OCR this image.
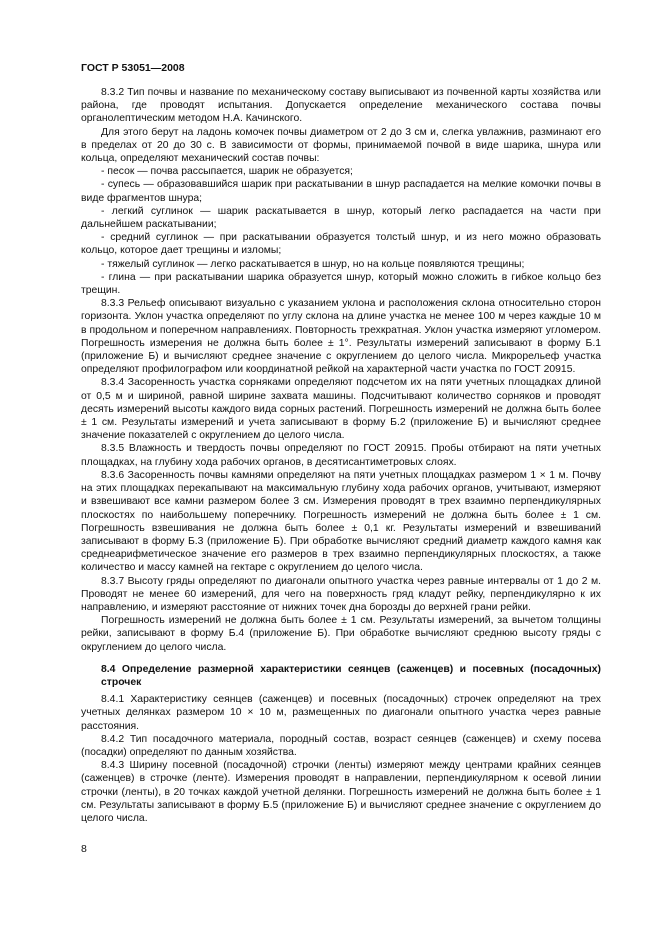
ГОСТ Р 53051—2008

8.3.2 Тип почвы и название по механическому составу выписывают из почвенной карты хозяйства или района, где проводят испытания. Допускается определение механического состава почвы органолептическим методом Н.А. Качинского.

Для этого берут на ладонь комочек почвы диаметром от 2 до 3 см и, слегка увлажнив, разминают его в пределах от 20 до 30 с. В зависимости от формы, принимаемой почвой в виде шарика, шнура или кольца, определяют механический состав почвы:

- песок — почва рассыпается, шарик не образуется;

- супесь — образовавшийся шарик при раскатывании в шнур распадается на мелкие комочки почвы в виде фрагментов шнура;

- легкий суглинок — шарик раскатывается в шнур, который легко распадается на части при дальнейшем раскатывании;

- средний суглинок — при раскатывании образуется толстый шнур, и из него можно образовать кольцо, которое дает трещины и изломы;

- тяжелый суглинок — легко раскатывается в шнур, но на кольце появляются трещины;

- глина — при раскатывании шарика образуется шнур, который можно сложить в гибкое кольцо без трещин.

8.3.3 Рельеф описывают визуально с указанием уклона и расположения склона относительно сторон горизонта. Уклон участка определяют по углу склона на длине участка не менее 100 м через каждые 10 м в продольном и поперечном направлениях. Повторность трехкратная. Уклон участка измеряют угломером. Погрешность измерения не должна быть более ± 1°. Результаты измерений записывают в форму Б.1 (приложение Б) и вычисляют среднее значение с округлением до целого числа. Микрорельеф участка определяют профилографом или координатной рейкой на характерной части участка по ГОСТ 20915.

8.3.4 Засоренность участка сорняками определяют подсчетом их на пяти учетных площадках длиной от 0,5 м и шириной, равной ширине захвата машины. Подсчитывают количество сорняков и проводят десять измерений высоты каждого вида сорных растений. Погрешность измерений не должна быть более ± 1 см. Результаты измерений и учета записывают в форму Б.2 (приложение Б) и вычисляют среднее значение показателей с округлением до целого числа.

8.3.5 Влажность и твердость почвы определяют по ГОСТ 20915. Пробы отбирают на пяти учетных площадках, на глубину хода рабочих органов, в десятисантиметровых слоях.

8.3.6 Засоренность почвы камнями определяют на пяти учетных площадках размером 1 × 1 м. Почву на этих площадках перекапывают на максимальную глубину хода рабочих органов, учитывают, измеряют и взвешивают все камни размером более 3 см. Измерения проводят в трех взаимно перпендикулярных плоскостях по наибольшему поперечнику. Погрешность измерений не должна быть более ± 1 см. Погрешность взвешивания не должна быть более ± 0,1 кг. Результаты измерений и взвешиваний записывают в форму Б.3 (приложение Б). При обработке вычисляют средний диаметр каждого камня как среднеарифметическое значение его размеров в трех взаимно перпендикулярных плоскостях, а также количество и массу камней на гектаре с округлением до целого числа.

8.3.7 Высоту гряды определяют по диагонали опытного участка через равные интервалы от 1 до 2 м. Проводят не менее 60 измерений, для чего на поверхность гряд кладут рейку, перпендикулярно к их направлению, и измеряют расстояние от нижних точек дна борозды до верхней грани рейки.

Погрешность измерений не должна быть более ± 1 см. Результаты измерений, за вычетом толщины рейки, записывают в форму Б.4 (приложение Б). При обработке вычисляют среднюю высоту гряды с округлением до целого числа.

8.4 Определение размерной характеристики сеянцев (саженцев) и посевных (посадочных) строчек

8.4.1 Характеристику сеянцев (саженцев) и посевных (посадочных) строчек определяют на трех учетных делянках размером 10 × 10 м, размещенных по диагонали опытного участка через равные расстояния.

8.4.2 Тип посадочного материала, породный состав, возраст сеянцев (саженцев) и схему посева (посадки) определяют по данным хозяйства.

8.4.3 Ширину посевной (посадочной) строчки (ленты) измеряют между центрами крайних сеянцев (саженцев) в строчке (ленте). Измерения проводят в направлении, перпендикулярном к осевой линии строчки (ленты), в 20 точках каждой учетной делянки. Погрешность измерений не должна быть более ± 1 см. Результаты записывают в форму Б.5 (приложение Б) и вычисляют среднее значение с округлением до целого числа.

8
